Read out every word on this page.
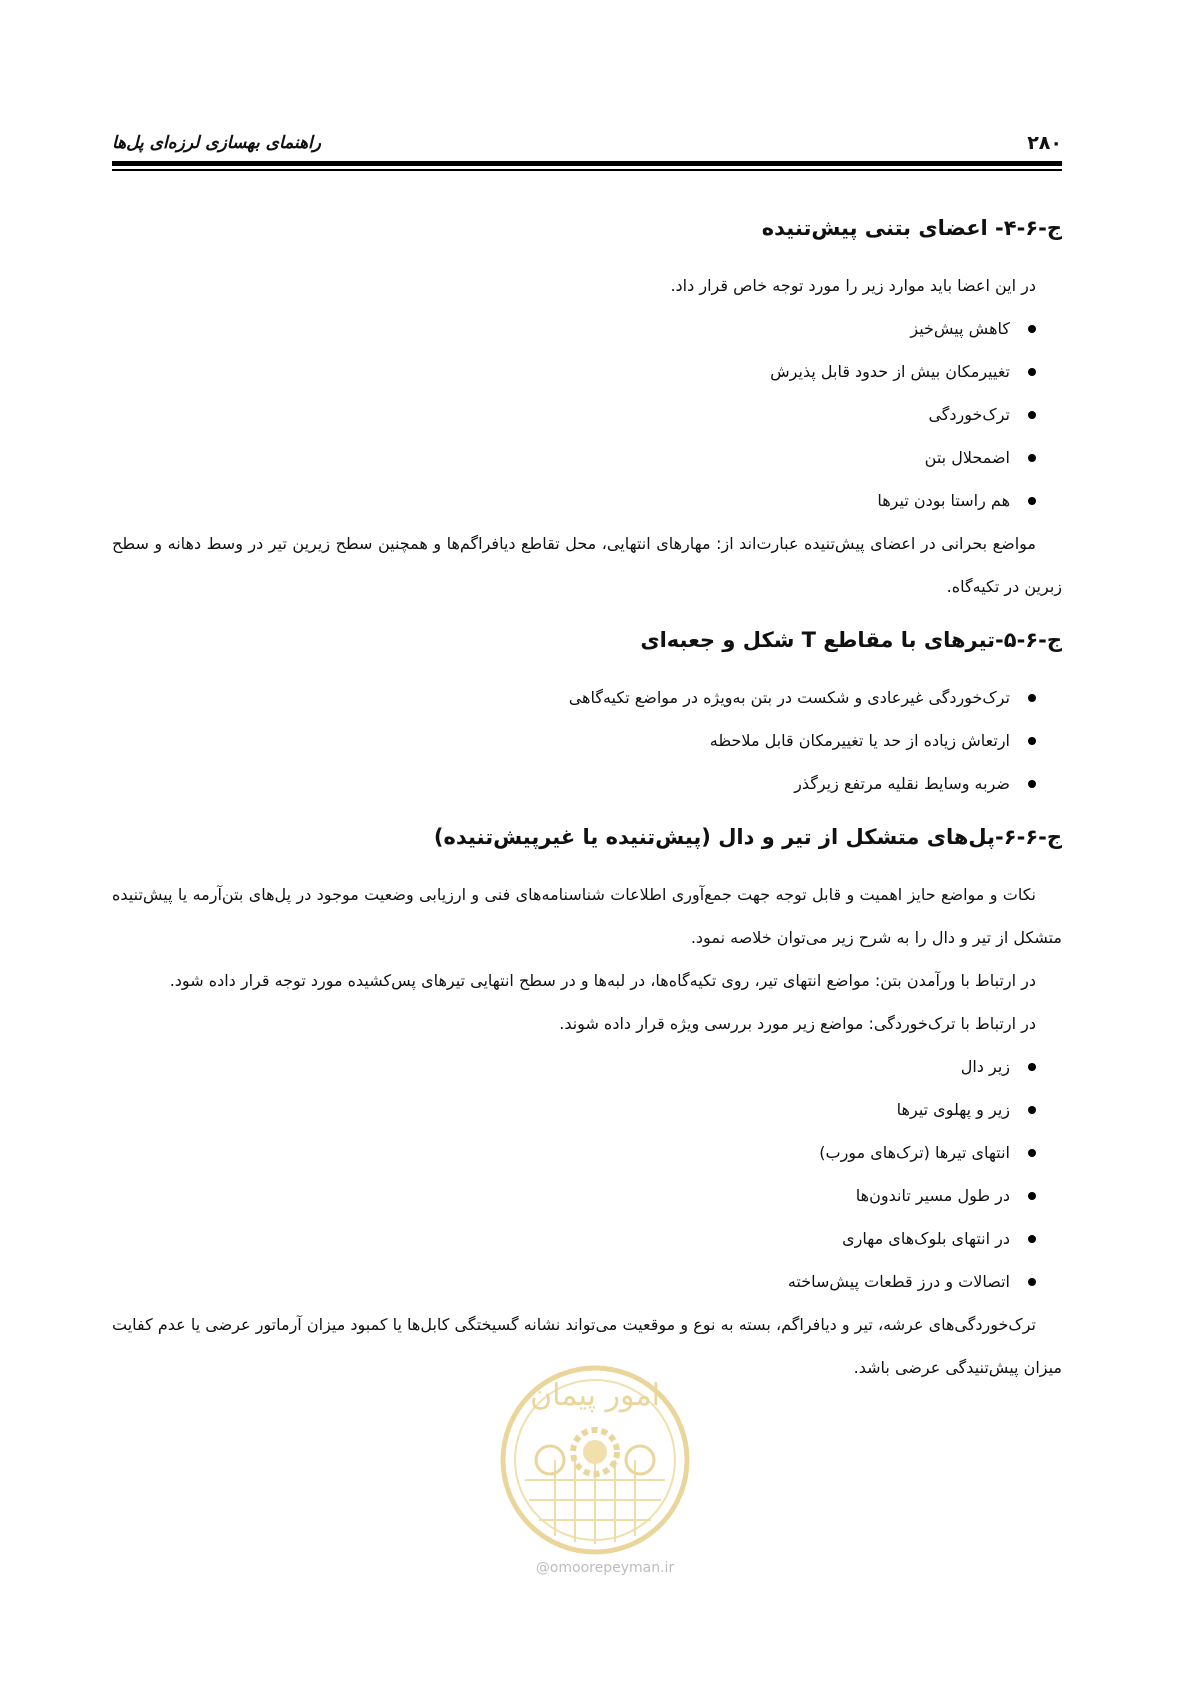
۲۸۰
راهنمای بهسازی لرزه‌ای پل‌ها
ج-۶-۴- اعضای بتنی پیش‌تنیده

در این اعضا باید موارد زیر را مورد توجه خاص قرار داد.

کاهش پیش‌خیز
تغییرمکان بیش از حدود قابل پذیرش
ترک‌خوردگی
اضمحلال بتن
هم راستا بودن تیرها

مواضع بحرانی در اعضای پیش‌تنیده عبارت‌اند از: مهارهای انتهایی، محل تقاطع دیافراگم‌ها و همچنین سطح زیرین تیر در وسط دهانه و سطح زبرین در تکیه‌گاه.

ج-۶-۵-تیرهای با مقاطع T شکل و جعبه‌ای
ترک‌خوردگی غیرعادی و شکست در بتن به‌ویژه در مواضع تکیه‌گاهی
ارتعاش زیاده از حد یا تغییرمکان قابل ملاحظه
ضربه وسایط نقلیه مرتفع زیرگذر
ج-۶-۶-پل‌های متشکل از تیر و دال (پیش‌تنیده یا غیرپیش‌تنیده)

نکات و مواضع حایز اهمیت و قابل توجه جهت جمع‌آوری اطلاعات شناسنامه‌های فنی و ارزیابی وضعیت موجود در پل‌های بتن‌آرمه یا پیش‌تنیده متشکل از تیر و دال را به شرح زیر می‌توان خلاصه نمود.

در ارتباط با ورآمدن بتن: مواضع انتهای تیر، روی تکیه‌گاه‌ها، در لبه‌ها و در سطح انتهایی تیرهای پس‌کشیده مورد توجه قرار داده شود.

در ارتباط با ترک‌خوردگی: مواضع زیر مورد بررسی ویژه قرار داده شوند.

زیر دال
زیر و پهلوی تیرها
انتهای تیرها (ترک‌های مورب)
در طول مسیر تاندون‌ها
در انتهای بلوک‌های مهاری
اتصالات و درز قطعات پیش‌ساخته

ترک‌خوردگی‌های عرشه، تیر و دیافراگم، بسته به نوع و موقعیت می‌تواند نشانه گسیختگی کابل‌ها یا کمبود میزان آرماتور عرضی یا عدم کفایت میزان پیش‌تنیدگی عرضی باشد.

امور پیمان
@omoorepeyman.ir
